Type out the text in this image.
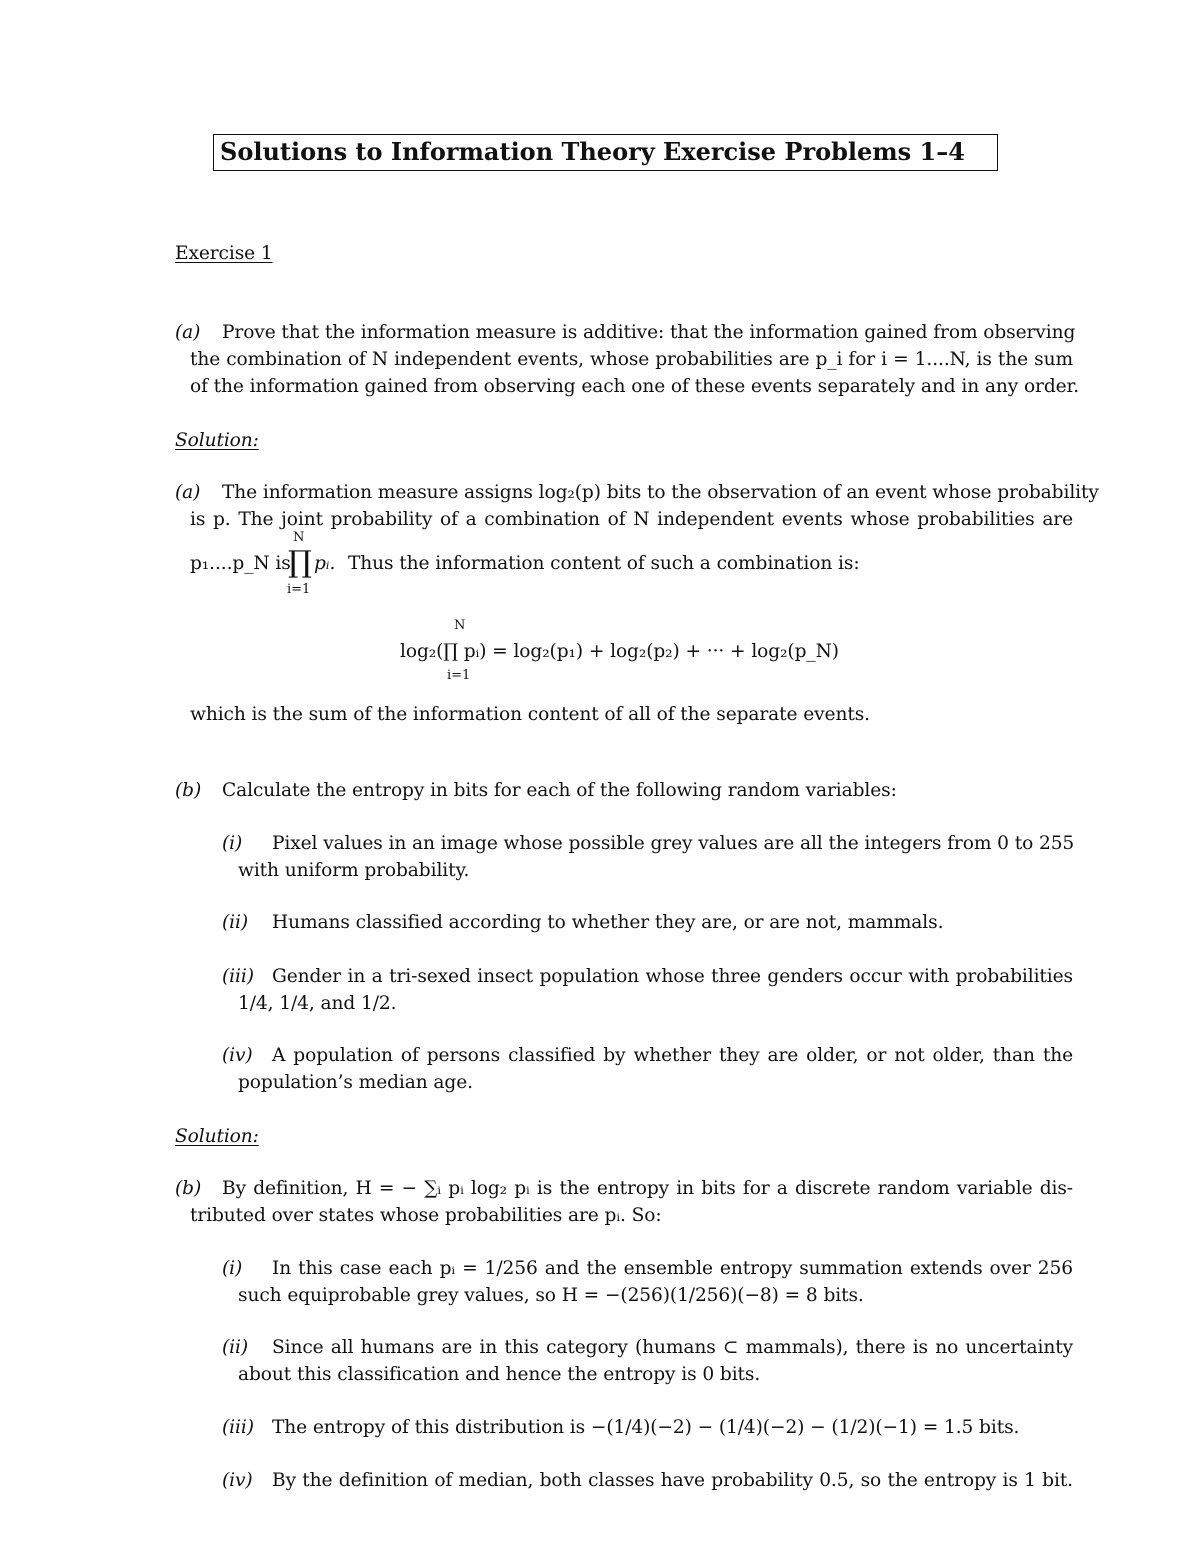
Solutions to Information Theory Exercise Problems 1–4
Exercise 1
(a) Prove that the information measure is additive: that the information gained from observing
the combination of N independent events, whose probabilities are p_i for i = 1....N, is the sum
of the information gained from observing each one of these events separately and in any order.
Solution:
(a) The information measure assigns log₂(p) bits to the observation of an event whose probability
is p. The joint probability of a combination of N independent events whose probabilities are
p₁....p_N is
N
∏
i=1
pᵢ. Thus the information content of such a combination is:
N
log₂(∏ pᵢ) = log₂(p₁) + log₂(p₂) + ··· + log₂(p_N)
i=1
which is the sum of the information content of all of the separate events.
(b) Calculate the entropy in bits for each of the following random variables:
(i) Pixel values in an image whose possible grey values are all the integers from 0 to 255
with uniform probability.
(ii) Humans classified according to whether they are, or are not, mammals.
(iii) Gender in a tri-sexed insect population whose three genders occur with probabilities
1/4, 1/4, and 1/2.
(iv) A population of persons classified by whether they are older, or not older, than the
population’s median age.
Solution:
(b) By definition, H = − ∑ᵢ pᵢ log₂ pᵢ is the entropy in bits for a discrete random variable dis-
tributed over states whose probabilities are pᵢ. So:
(i) In this case each pᵢ = 1/256 and the ensemble entropy summation extends over 256
such equiprobable grey values, so H = −(256)(1/256)(−8) = 8 bits.
(ii) Since all humans are in this category (humans ⊂ mammals), there is no uncertainty
about this classification and hence the entropy is 0 bits.
(iii) The entropy of this distribution is −(1/4)(−2) − (1/4)(−2) − (1/2)(−1) = 1.5 bits.
(iv) By the definition of median, both classes have probability 0.5, so the entropy is 1 bit.
